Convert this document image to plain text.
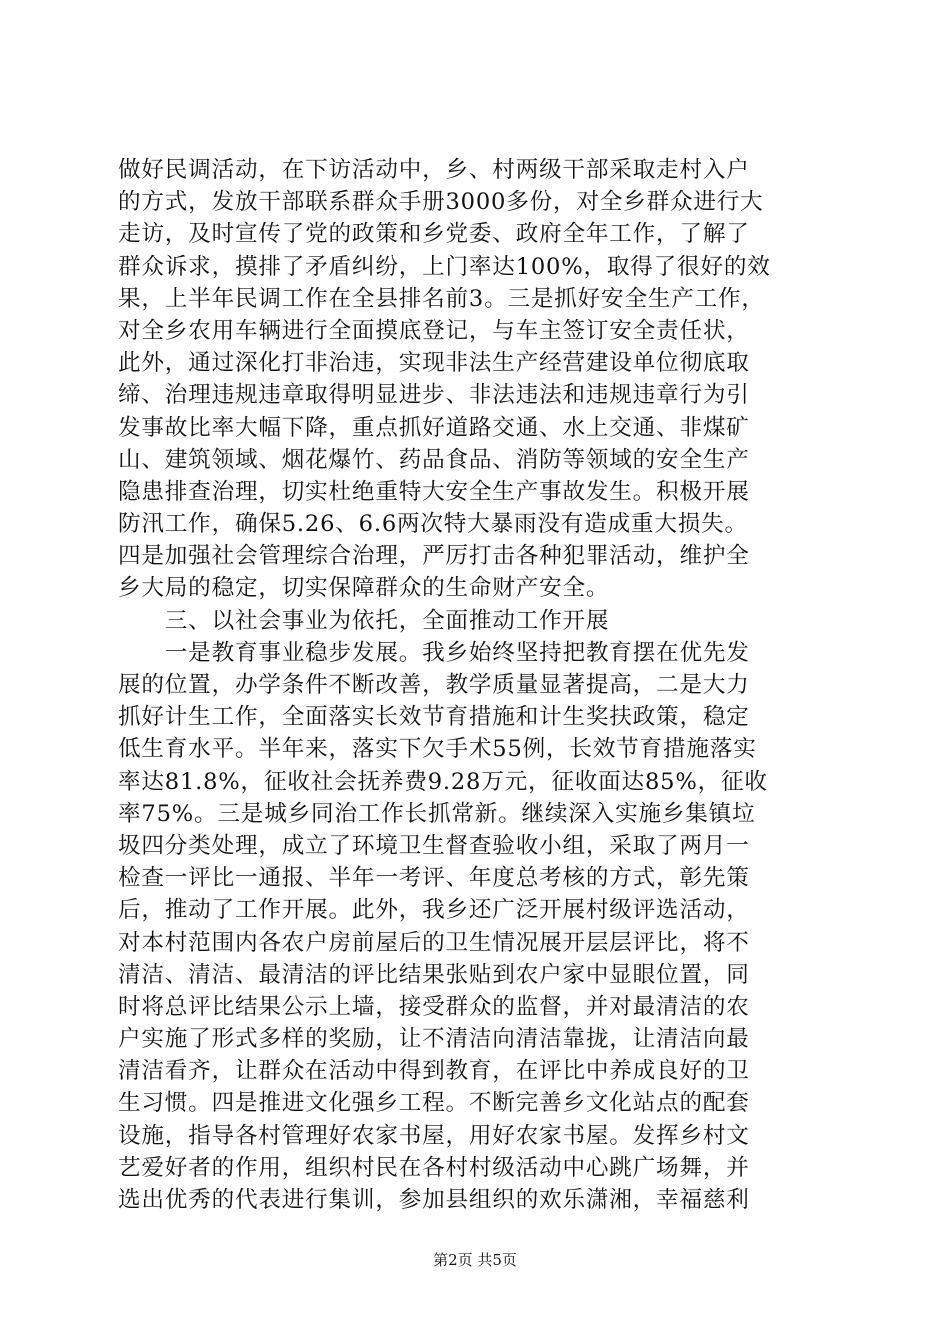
做好民调活动，在下访活动中，乡、村两级干部采取走村入户
的方式，发放干部联系群众手册3000多份，对全乡群众进行大
走访，及时宣传了党的政策和乡党委、政府全年工作，了解了
群众诉求，摸排了矛盾纠纷，上门率达100%，取得了很好的效
果，上半年民调工作在全县排名前3。三是抓好安全生产工作，
对全乡农用车辆进行全面摸底登记，与车主签订安全责任状，
此外，通过深化打非治违，实现非法生产经营建设单位彻底取
缔、治理违规违章取得明显进步、非法违法和违规违章行为引
发事故比率大幅下降，重点抓好道路交通、水上交通、非煤矿
山、建筑领域、烟花爆竹、药品食品、消防等领域的安全生产
隐患排查治理，切实杜绝重特大安全生产事故发生。积极开展
防汛工作，确保5.26、6.6两次特大暴雨没有造成重大损失。
四是加强社会管理综合治理，严厉打击各种犯罪活动，维护全
乡大局的稳定，切实保障群众的生命财产安全。
　　三、以社会事业为依托，全面推动工作开展
　　一是教育事业稳步发展。我乡始终坚持把教育摆在优先发
展的位置，办学条件不断改善，教学质量显著提高，二是大力
抓好计生工作，全面落实长效节育措施和计生奖扶政策，稳定
低生育水平。半年来，落实下欠手术55例，长效节育措施落实
率达81.8%，征收社会抚养费9.28万元，征收面达85%，征收
率75%。三是城乡同治工作长抓常新。继续深入实施乡集镇垃
圾四分类处理，成立了环境卫生督查验收小组，采取了两月一
检查一评比一通报、半年一考评、年度总考核的方式，彰先策
后，推动了工作开展。此外，我乡还广泛开展村级评选活动，
对本村范围内各农户房前屋后的卫生情况展开层层评比，将不
清洁、清洁、最清洁的评比结果张贴到农户家中显眼位置，同
时将总评比结果公示上墙，接受群众的监督，并对最清洁的农
户实施了形式多样的奖励，让不清洁向清洁靠拢，让清洁向最
清洁看齐，让群众在活动中得到教育，在评比中养成良好的卫
生习惯。四是推进文化强乡工程。不断完善乡文化站点的配套
设施，指导各村管理好农家书屋，用好农家书屋。发挥乡村文
艺爱好者的作用，组织村民在各村村级活动中心跳广场舞，并
选出优秀的代表进行集训，参加县组织的欢乐潇湘，幸福慈利
第2页 共5页
